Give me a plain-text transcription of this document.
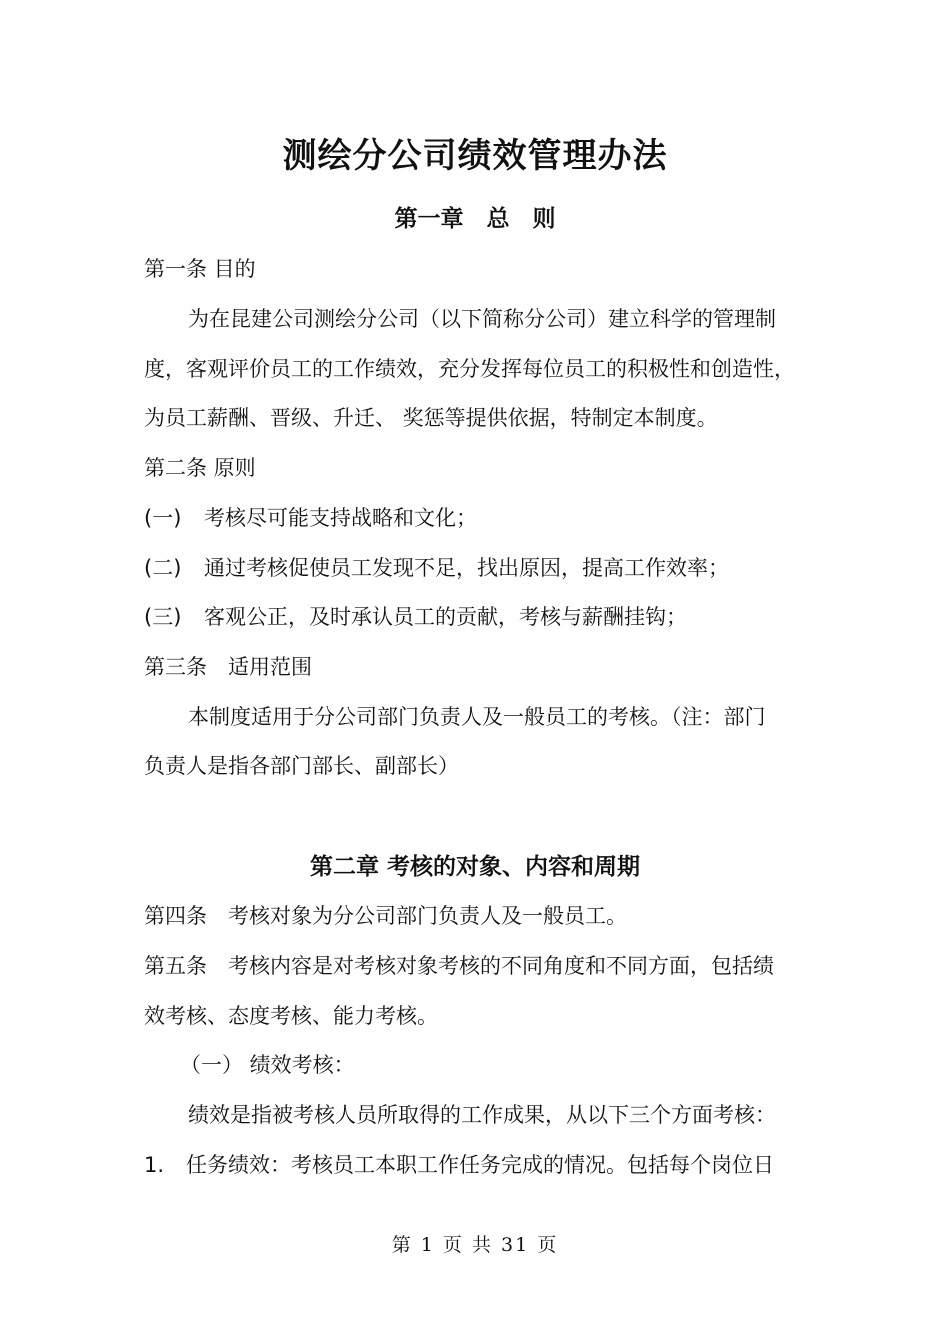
测绘分公司绩效管理办法
第一章　总　则
第一条 目的
为在昆建公司测绘分公司（以下简称分公司）建立科学的管理制
度，客观评价员工的工作绩效，充分发挥每位员工的积极性和创造性，
为员工薪酬、晋级、升迁、 奖惩等提供依据，特制定本制度。
第二条 原则
(一) 考核尽可能支持战略和文化；
(二) 通过考核促使员工发现不足，找出原因，提高工作效率；
(三) 客观公正，及时承认员工的贡献，考核与薪酬挂钩；
第三条　适用范围
本制度适用于分公司部门负责人及一般员工的考核。（注：部门
负责人是指各部门部长、副部长）
第二章 考核的对象、内容和周期
第四条　考核对象为分公司部门负责人及一般员工。
第五条　考核内容是对考核对象考核的不同角度和不同方面，包括绩
效考核、态度考核、能力考核。
（一） 绩效考核：
绩效是指被考核人员所取得的工作成果，从以下三个方面考核：
1. 任务绩效：考核员工本职工作任务完成的情况。包括每个岗位日
第 1 页 共 31 页
